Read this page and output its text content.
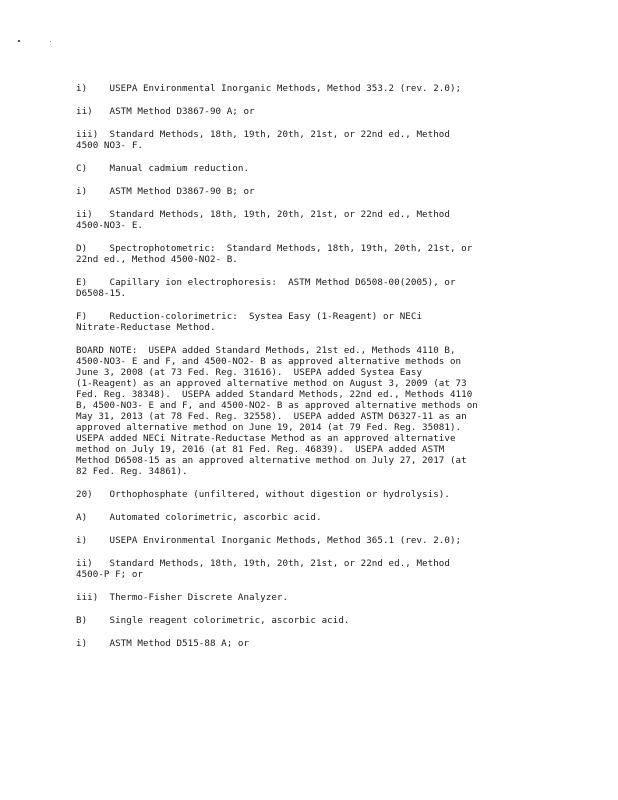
i)    USEPA Environmental Inorganic Methods, Method 353.2 (rev. 2.0);

ii)   ASTM Method D3867-90 A; or

iii)  Standard Methods, 18th, 19th, 20th, 21st, or 22nd ed., Method
4500 NO3- F.

C)    Manual cadmium reduction.

i)    ASTM Method D3867-90 B; or

ii)   Standard Methods, 18th, 19th, 20th, 21st, or 22nd ed., Method
4500-NO3- E.

D)    Spectrophotometric:  Standard Methods, 18th, 19th, 20th, 21st, or
22nd ed., Method 4500-NO2- B.

E)    Capillary ion electrophoresis:  ASTM Method D6508-00(2005), or
D6508-15.

F)    Reduction-colorimetric:  Systea Easy (1-Reagent) or NECi
Nitrate-Reductase Method.

BOARD NOTE:  USEPA added Standard Methods, 21st ed., Methods 4110 B,
4500-NO3- E and F, and 4500-NO2- B as approved alternative methods on
June 3, 2008 (at 73 Fed. Reg. 31616).  USEPA added Systea Easy
(1-Reagent) as an approved alternative method on August 3, 2009 (at 73
Fed. Reg. 38348).  USEPA added Standard Methods, 22nd ed., Methods 4110
B, 4500-NO3- E and F, and 4500-NO2- B as approved alternative methods on
May 31, 2013 (at 78 Fed. Reg. 32558).  USEPA added ASTM D6327-11 as an
approved alternative method on June 19, 2014 (at 79 Fed. Reg. 35081).
USEPA added NECi Nitrate-Reductase Method as an approved alternative
method on July 19, 2016 (at 81 Fed. Reg. 46839).  USEPA added ASTM
Method D6508-15 as an approved alternative method on July 27, 2017 (at
82 Fed. Reg. 34861).

20)   Orthophosphate (unfiltered, without digestion or hydrolysis).

A)    Automated colorimetric, ascorbic acid.

i)    USEPA Environmental Inorganic Methods, Method 365.1 (rev. 2.0);

ii)   Standard Methods, 18th, 19th, 20th, 21st, or 22nd ed., Method
4500-P F; or

iii)  Thermo-Fisher Discrete Analyzer.

B)    Single reagent colorimetric, ascorbic acid.

i)    ASTM Method D515-88 A; or
